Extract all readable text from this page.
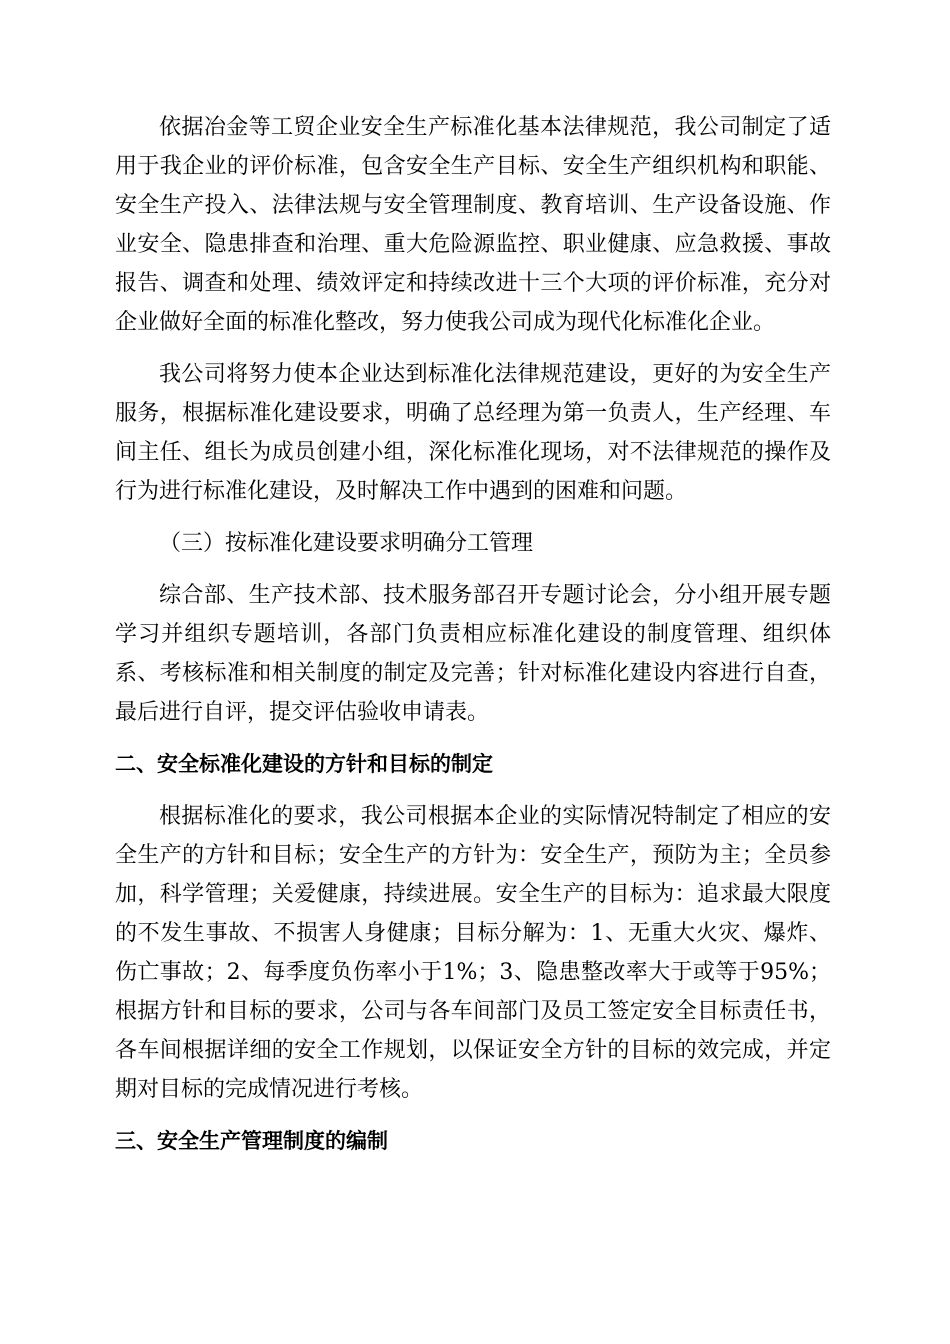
依据冶金等工贸企业安全生产标准化基本法律规范，我公司制定了适用于我企业的评价标准，包含安全生产目标、安全生产组织机构和职能、安全生产投入、法律法规与安全管理制度、教育培训、生产设备设施、作业安全、隐患排查和治理、重大危险源监控、职业健康、应急救援、事故报告、调查和处理、绩效评定和持续改进十三个大项的评价标准，充分对企业做好全面的标准化整改，努力使我公司成为现代化标准化企业。

我公司将努力使本企业达到标准化法律规范建设，更好的为安全生产服务，根据标准化建设要求，明确了总经理为第一负责人，生产经理、车间主任、组长为成员创建小组，深化标准化现场，对不法律规范的操作及行为进行标准化建设，及时解决工作中遇到的困难和问题。

（三）按标准化建设要求明确分工管理

综合部、生产技术部、技术服务部召开专题讨论会，分小组开展专题学习并组织专题培训，各部门负责相应标准化建设的制度管理、组织体系、考核标准和相关制度的制定及完善；针对标准化建设内容进行自查，最后进行自评，提交评估验收申请表。

二、安全标准化建设的方针和目标的制定

根据标准化的要求，我公司根据本企业的实际情况特制定了相应的安全生产的方针和目标；安全生产的方针为：安全生产，预防为主；全员参加，科学管理；关爱健康，持续进展。安全生产的目标为：追求最大限度的不发生事故、不损害人身健康；目标分解为：1、无重大火灾、爆炸、伤亡事故；2、每季度负伤率小于1%；3、隐患整改率大于或等于95%；根据方针和目标的要求，公司与各车间部门及员工签定安全目标责任书，各车间根据详细的安全工作规划，以保证安全方针的目标的效完成，并定期对目标的完成情况进行考核。

三、安全生产管理制度的编制
